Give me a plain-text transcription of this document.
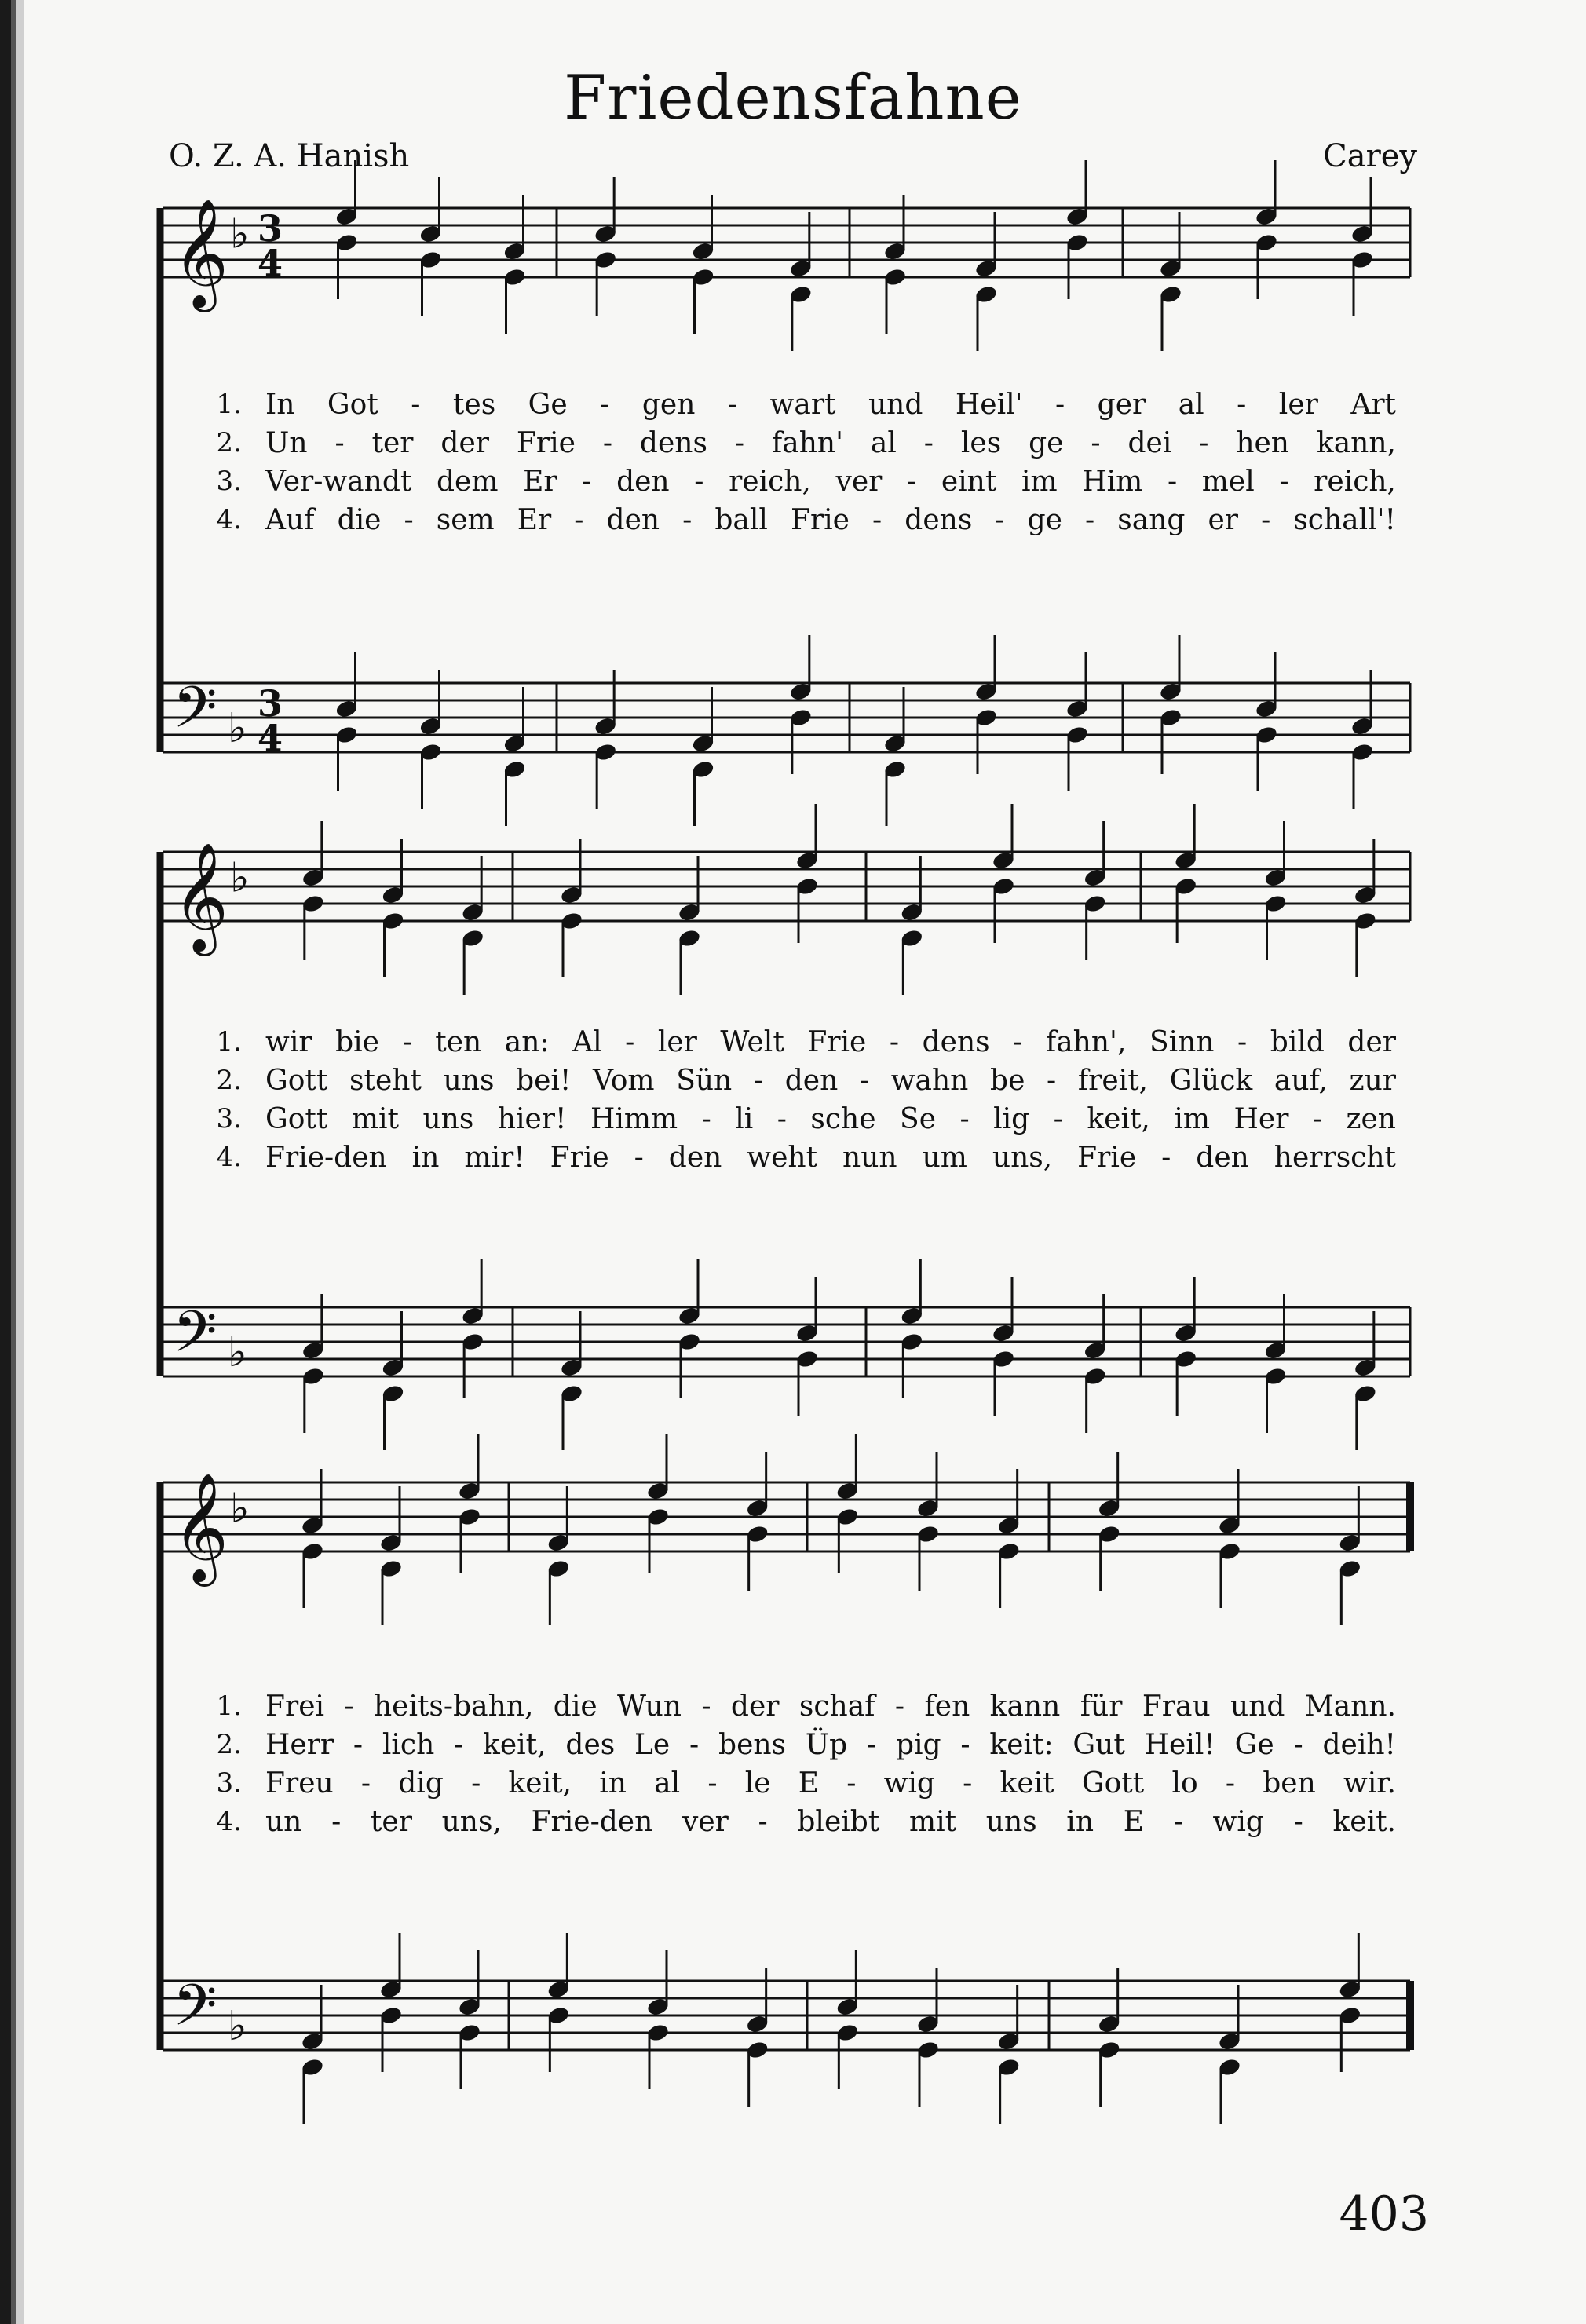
Friedensfahne
O. Z. A. Hanish	Carey
𝄞 ♭ 3
4
𝄢 ♭
3
4
1. In Got - tes Ge - gen - wart und Heil' - ger al - ler Art
2. Un - ter der Frie - dens - fahn' al - les ge - dei - hen kann,
3. Ver-wandt dem Er - den - reich, ver - eint im Him - mel - reich,
4. Auf die - sem Er - den - ball Frie - dens - ge - sang er - schall'!
𝄞 ♭
𝄢 ♭
1. wir bie - ten an: Al - ler Welt Frie - dens - fahn', Sinn - bild der
2. Gott steht uns bei! Vom Sün - den - wahn be - freit, Glück auf, zur
3. Gott mit uns hier! Himm - li - sche Se - lig - keit, im Her - zen
4. Frie-den in mir! Frie - den weht nun um uns, Frie - den herrscht
𝄞 ♭
𝄢 ♭
1. Frei - heits-bahn, die Wun - der schaf - fen kann für Frau und Mann.
2. Herr - lich - keit, des Le - bens Üp - pig - keit: Gut Heil! Ge - deih!
3. Freu - dig - keit, in al - le E - wig - keit Gott lo - ben wir.
4. un - ter uns, Frie-den ver - bleibt mit uns in E - wig - keit.
403
